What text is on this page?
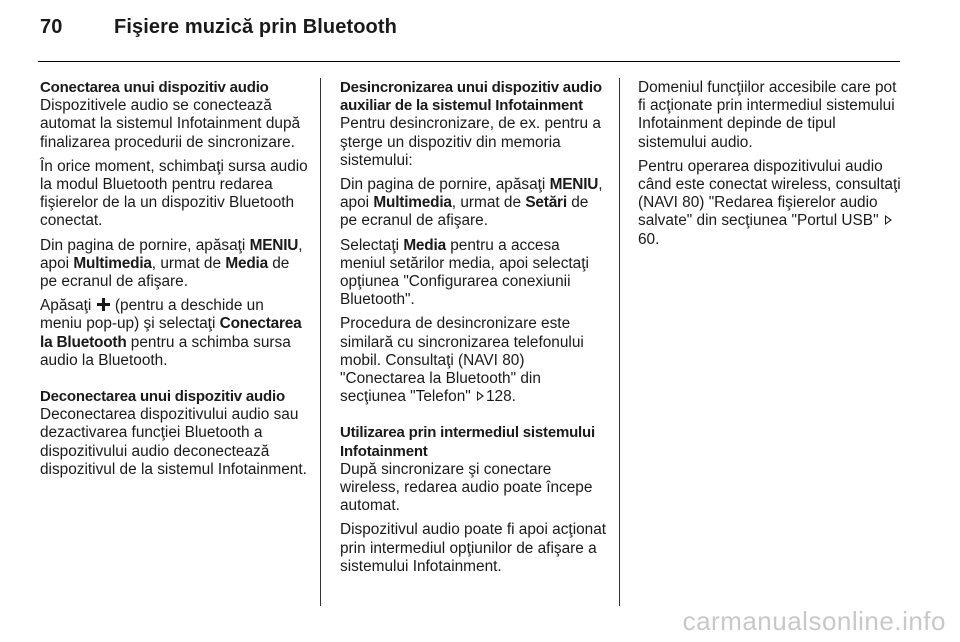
70	Fişiere muzică prin Bluetooth
Conectarea unui dispozitiv audio

Dispozitivele audio se conectează automat la sistemul Infotainment după finalizarea procedurii de sincronizare.

În orice moment, schimbaţi sursa audio la modul Bluetooth pentru redarea fişierelor de la un dispozitiv Bluetooth conectat.

Din pagina de pornire, apăsaţi MENIU, apoi Multimedia, urmat de Media de pe ecranul de afişare.

Apăsaţi  (pentru a deschide un meniu pop-up) şi selectaţi Conectarea la Bluetooth pentru a schimba sursa audio la Bluetooth.

Deconectarea unui dispozitiv audio

Deconectarea dispozitivului audio sau dezactivarea funcţiei Bluetooth a dispozitivului audio deconectează dispozitivul de la sistemul Infotainment.

Desincronizarea unui dispozitiv audio auxiliar de la sistemul Infotainment

Pentru desincronizare, de ex. pentru a şterge un dispozitiv din memoria sistemului:

Din pagina de pornire, apăsaţi MENIU, apoi Multimedia, urmat de Setări de pe ecranul de afişare.

Selectaţi Media pentru a accesa meniul setărilor media, apoi selectaţi opţiunea "Configurarea conexiunii Bluetooth".

Procedura de desincronizare este similară cu sincronizarea telefonului mobil. Consultaţi (NAVI 80) "Conectarea la Bluetooth" din secţiunea "Telefon" 128.

Utilizarea prin intermediul sistemului Infotainment

După sincronizare şi conectare wireless, redarea audio poate începe automat.

Dispozitivul audio poate fi apoi acţionat prin intermediul opţiunilor de afişare a sistemului Infotainment.

Domeniul funcţiilor accesibile care pot fi acţionate prin intermediul sistemului Infotainment depinde de tipul sistemului audio.

Pentru operarea dispozitivului audio când este conectat wireless, consultaţi (NAVI 80) "Redarea fişierelor audio salvate" din secţiunea "Portul USB" 60.

carmanualsonline.info
